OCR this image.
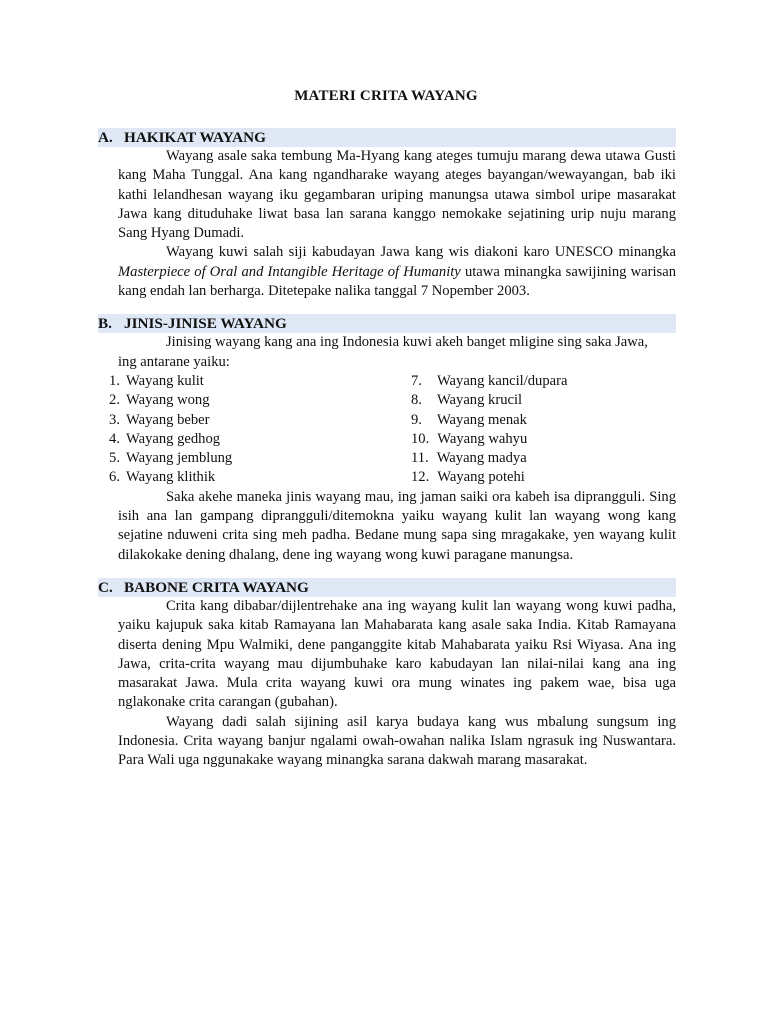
MATERI CRITA WAYANG
A. HAKIKAT WAYANG

Wayang asale saka tembung Ma-Hyang kang ateges tumuju marang dewa utawa Gusti kang Maha Tunggal. Ana kang ngandharake wayang ateges bayangan/wewayangan, bab iki kathi lelandhesan wayang iku gegambaran uriping manungsa utawa simbol uripe masarakat Jawa kang dituduhake liwat basa lan sarana kanggo nemokake sejatining urip nuju marang Sang Hyang Dumadi.

Wayang kuwi salah siji kabudayan Jawa kang wis diakoni karo UNESCO minangka Masterpiece of Oral and Intangible Heritage of Humanity utawa minangka sawijining warisan kang endah lan berharga. Ditetepake nalika tanggal 7 Nopember 2003.

B. JINIS-JINISE WAYANG

Jinising wayang kang ana ing Indonesia kuwi akeh banget mligine sing saka Jawa,

ing antarane yaiku:

1. Wayang kulit
2. Wayang wong
3. Wayang beber
4. Wayang gedhog
5. Wayang jemblung
6. Wayang klithik
7. Wayang kancil/dupara
8. Wayang krucil
9. Wayang menak
10. Wayang wahyu
11. Wayang madya
12. Wayang potehi

Saka akehe maneka jinis wayang mau, ing jaman saiki ora kabeh isa diprangguli. Sing isih ana lan gampang diprangguli/ditemokna yaiku wayang kulit lan wayang wong kang sejatine nduweni crita sing meh padha. Bedane mung sapa sing mragakake, yen wayang kulit dilakokake dening dhalang, dene ing wayang wong kuwi paragane manungsa.

C. BABONE CRITA WAYANG

Crita kang dibabar/dijlentrehake ana ing wayang kulit lan wayang wong kuwi padha, yaiku kajupuk saka kitab Ramayana lan Mahabarata kang asale saka India. Kitab Ramayana diserta dening Mpu Walmiki, dene panganggite kitab Mahabarata yaiku Rsi Wiyasa. Ana ing Jawa, crita-crita wayang mau dijumbuhake karo kabudayan lan nilai-nilai kang ana ing masarakat Jawa. Mula crita wayang kuwi ora mung winates ing pakem wae, bisa uga nglakonake crita carangan (gubahan).

Wayang dadi salah sijining asil karya budaya kang wus mbalung sungsum ing Indonesia. Crita wayang banjur ngalami owah-owahan nalika Islam ngrasuk ing Nuswantara. Para Wali uga nggunakake wayang minangka sarana dakwah marang masarakat.
